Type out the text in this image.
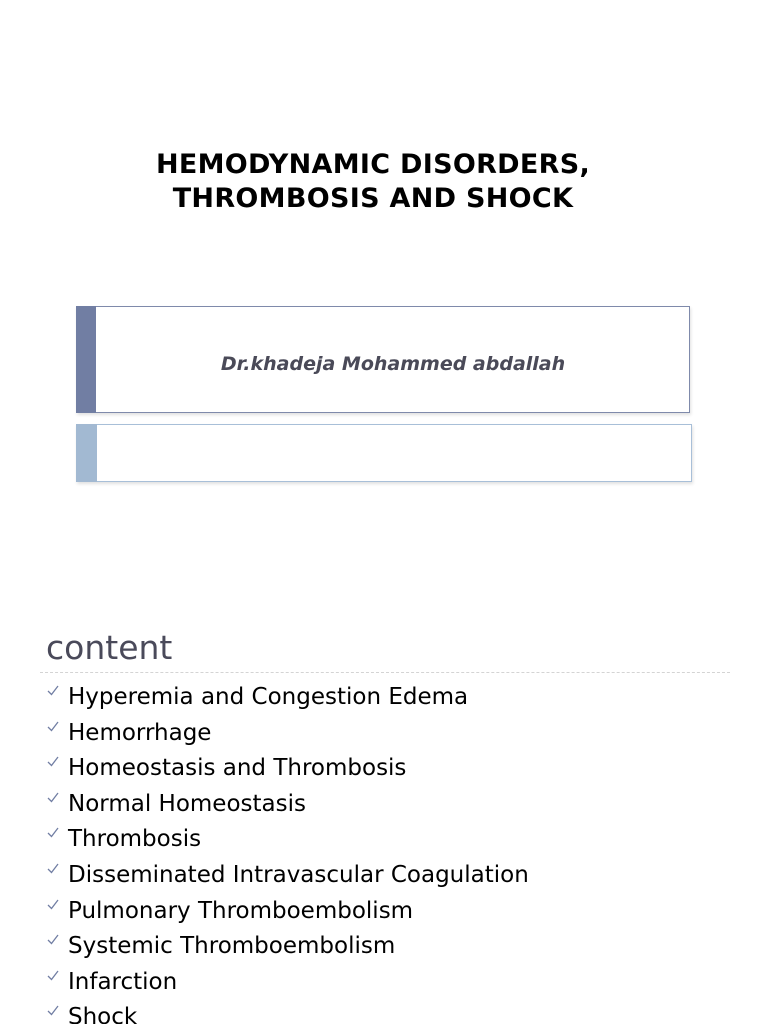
HEMODYNAMIC DISORDERS,
THROMBOSIS AND SHOCK
Dr.khadeja Mohammed abdallah
content
Hyperemia and Congestion Edema
Hemorrhage
Homeostasis and Thrombosis
Normal Homeostasis
Thrombosis
Disseminated Intravascular Coagulation
Pulmonary Thromboembolism
Systemic Thromboembolism
Infarction
Shock
